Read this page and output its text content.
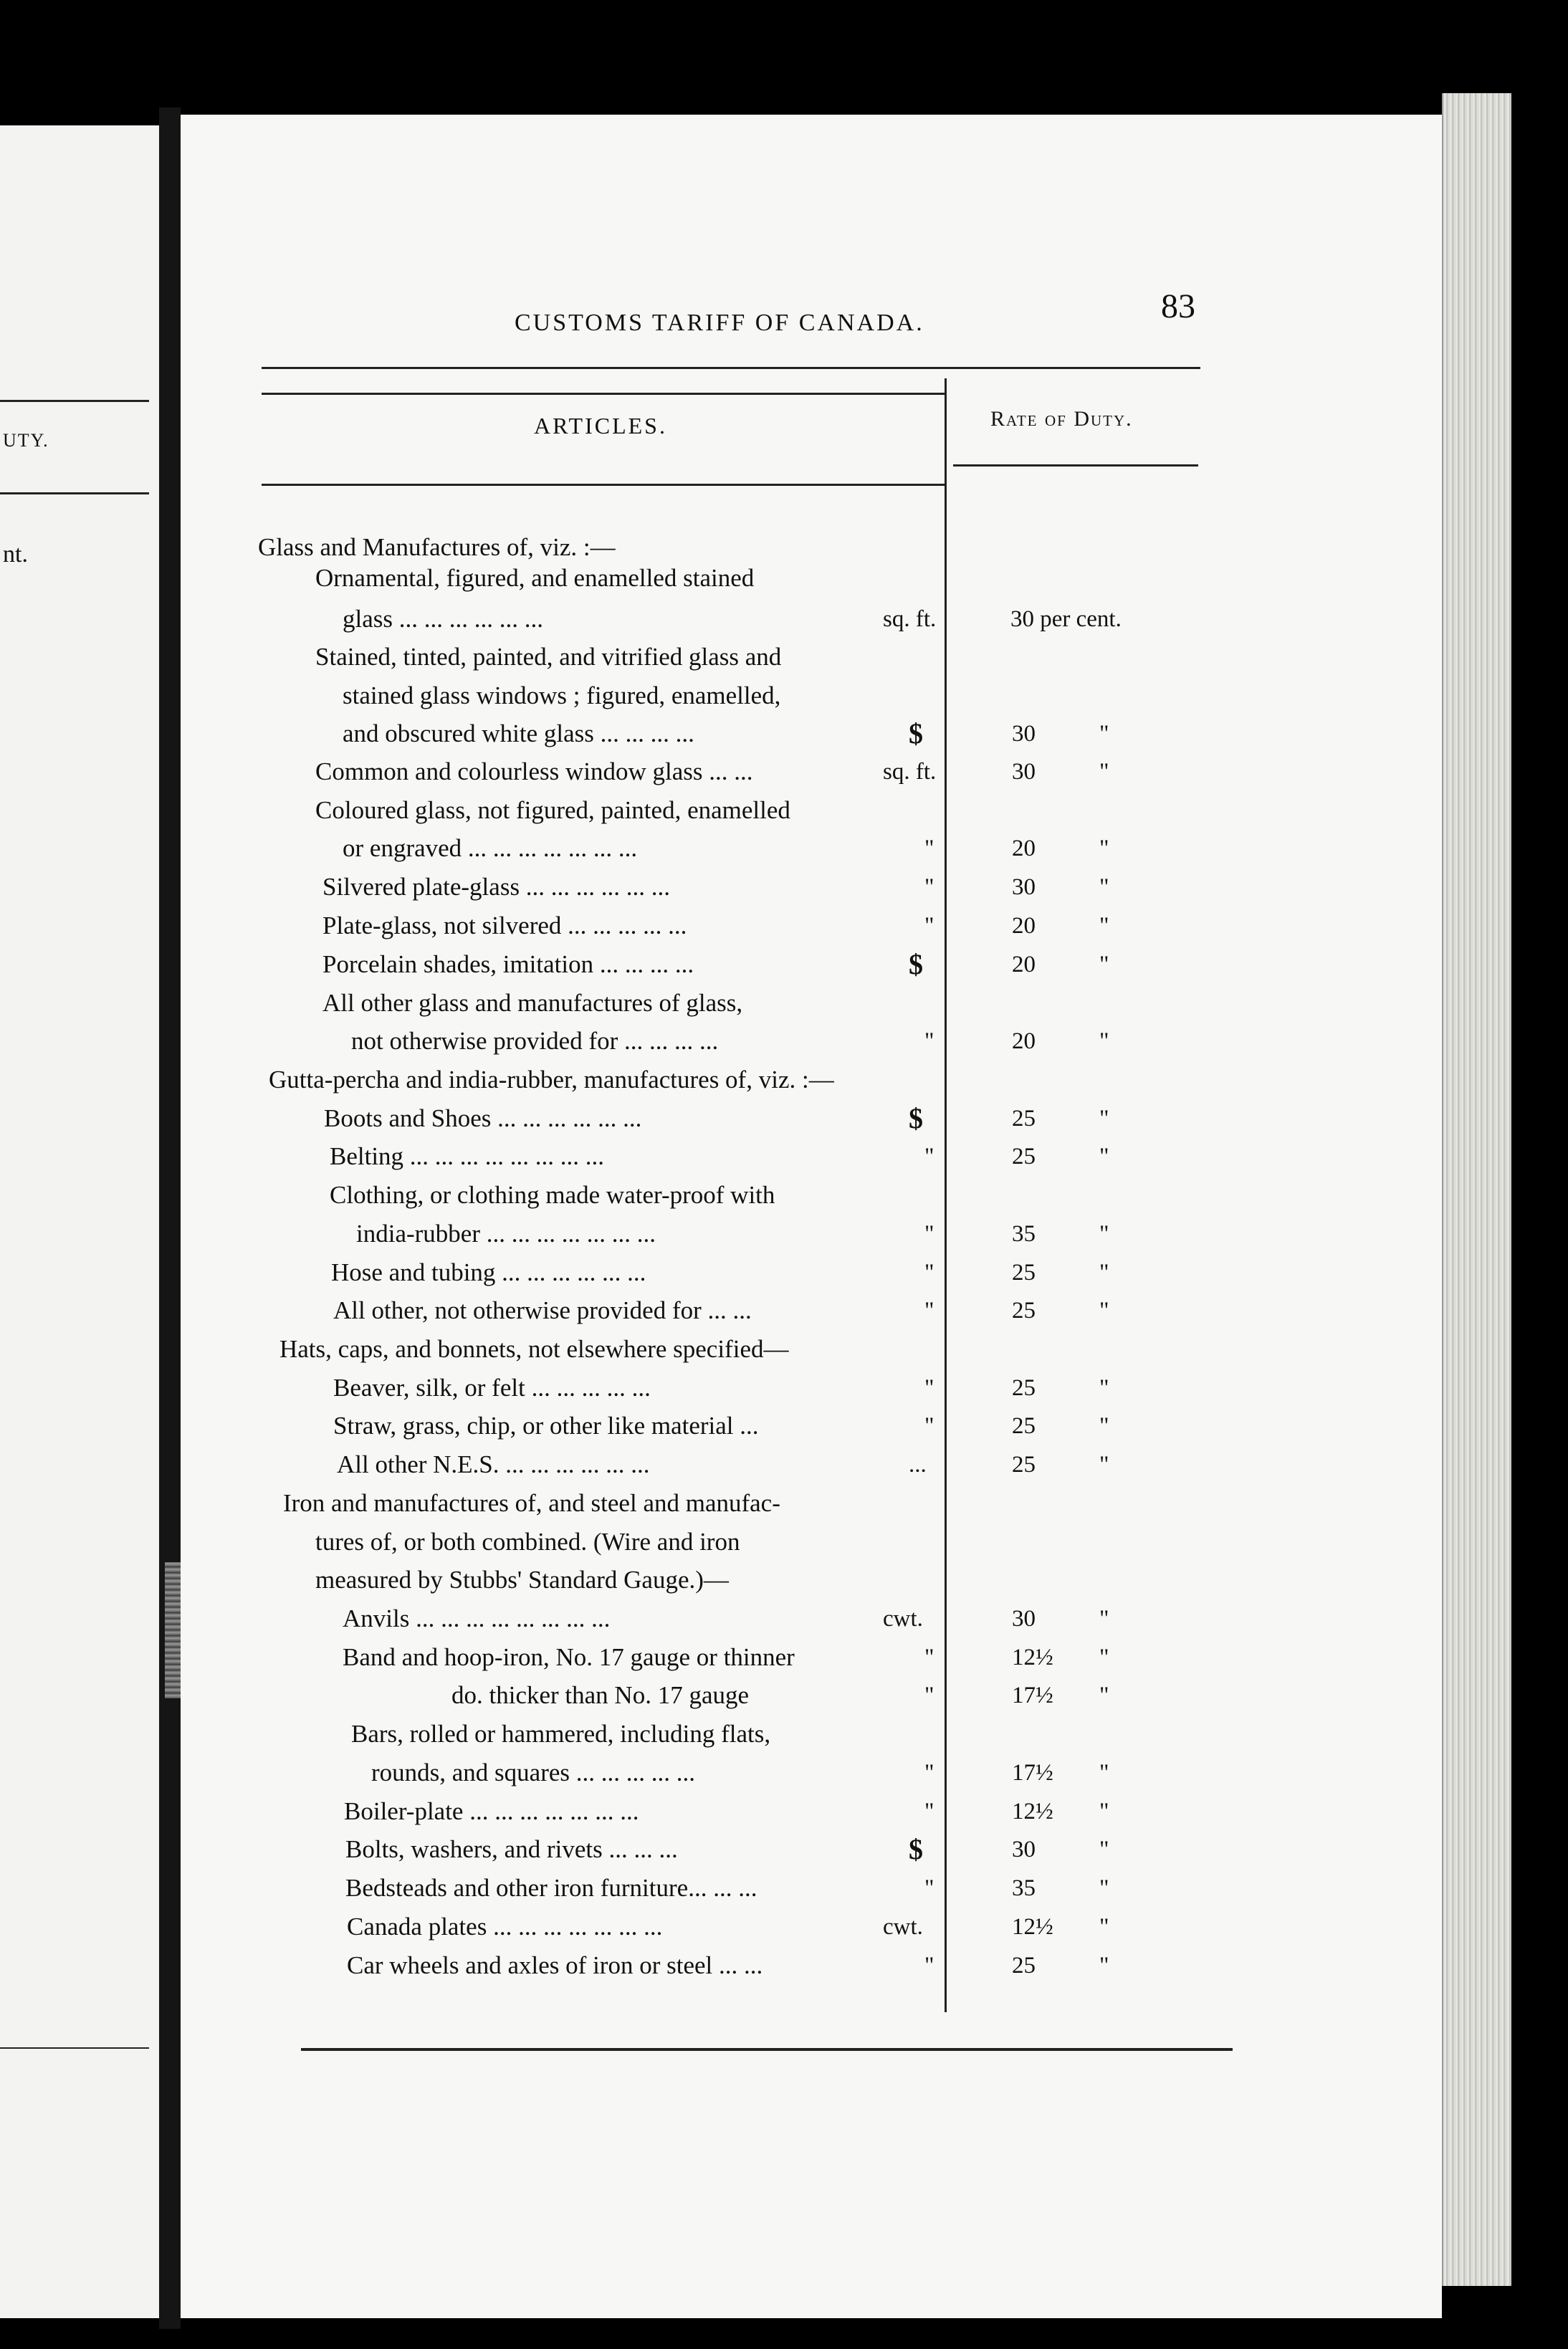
UTY.
nt.
CUSTOMS TARIFF OF CANADA.	83
ARTICLES.	Rate of Duty.
Glass and Manufactures of, viz. :—
Ornamental, figured, and enamelled stained
glass ... ... ... ... ... ...	sq. ft.	30 per cent.
Stained, tinted, painted, and vitrified glass and
stained glass windows ; figured, enamelled,
and obscured white glass ... ... ... ...	$	30	"
Common and colourless window glass ... ...	sq. ft.	30	"
Coloured glass, not figured, painted, enamelled
or engraved ... ... ... ... ... ... ...	"	20	"
Silvered plate-glass ... ... ... ... ... ...	"	30	"
Plate-glass, not silvered ... ... ... ... ...	"	20	"
Porcelain shades, imitation ... ... ... ...	$	20	"
All other glass and manufactures of glass,
not otherwise provided for ... ... ... ...	"	20	"
Gutta-percha and india-rubber, manufactures of, viz. :—
Boots and Shoes ... ... ... ... ... ...	$	25	"
Belting ... ... ... ... ... ... ... ...	"	25	"
Clothing, or clothing made water-proof with
india-rubber ... ... ... ... ... ... ...	"	35	"
Hose and tubing ... ... ... ... ... ...	"	25	"
All other, not otherwise provided for ... ...	"	25	"
Hats, caps, and bonnets, not elsewhere specified—
Beaver, silk, or felt ... ... ... ... ...	"	25	"
Straw, grass, chip, or other like material ...	"	25	"
All other N.E.S. ... ... ... ... ... ...	...	25	"
Iron and manufactures of, and steel and manufac-
tures of, or both combined. (Wire and iron
measured by Stubbs' Standard Gauge.)—
Anvils ... ... ... ... ... ... ... ...	cwt.	30	"
Band and hoop-iron, No. 17 gauge or thinner	"	12½ "
do. thicker than No. 17 gauge	"	17½ "
Bars, rolled or hammered, including flats,
rounds, and squares ... ... ... ... ...	"	17½ "
Boiler-plate ... ... ... ... ... ... ...	"	12½ "
Bolts, washers, and rivets ... ... ...	$	30	"
Bedsteads and other iron furniture... ... ...	"	35	"
Canada plates ... ... ... ... ... ... ...	cwt.	12½ "
Car wheels and axles of iron or steel ... ...	"	25	"
